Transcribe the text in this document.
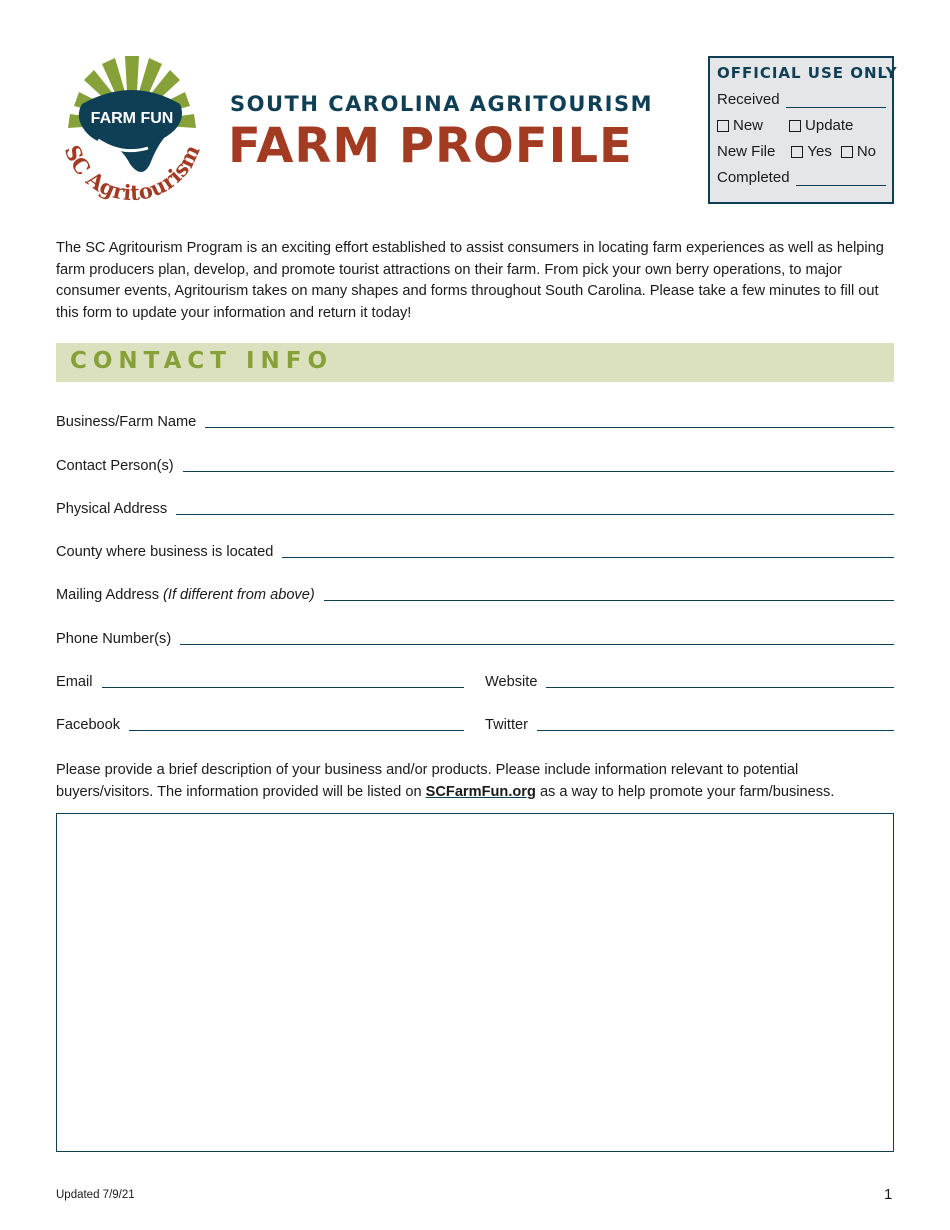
FARM FUN
SC Agritourism
SOUTH CAROLINA AGRITOURISM
FARM PROFILE
OFFICIAL USE ONLY
Received
New	Update
New File Yes No
Completed

The SC Agritourism Program is an exciting effort established to assist consumers in locating farm experiences as well as helping farm producers plan, develop, and promote tourist attractions on their farm. From pick your own berry operations, to major consumer events, Agritourism takes on many shapes and forms throughout South Carolina. Please take a few minutes to fill out this form to update your information and return it today!

CONTACT INFO
Business/Farm Name
Contact Person(s)
Physical Address
County where business is located
Mailing Address (If different from above)
Phone Number(s)
Email	Website
Facebook	Twitter

Please provide a brief description of your business and/or products. Please include information relevant to potential buyers/visitors. The information provided will be listed on SCFarmFun.org as a way to help promote your farm/business.

Updated 7/9/21	1
